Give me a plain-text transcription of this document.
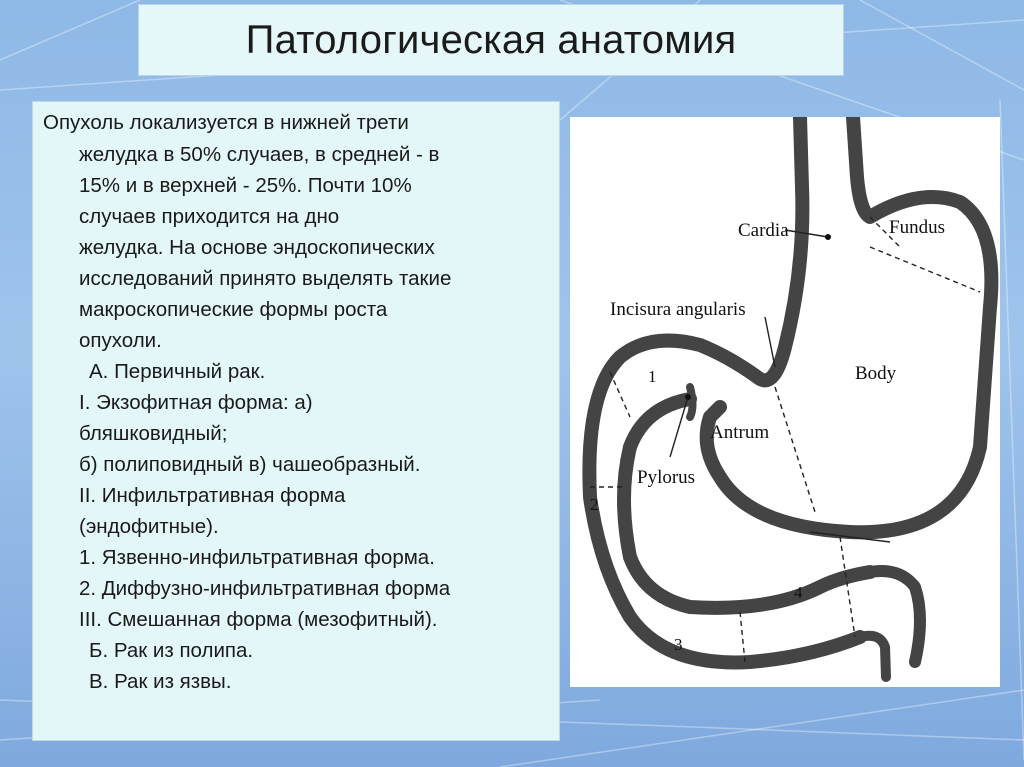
Патологическая анатомия
Опухоль локализуется в нижней трети
желудка в 50% случаев, в средней - в
15% и в верхней - 25%. Почти 10%
случаев приходится на дно
желудка. На основе эндоскопических
исследований принято выделять такие
макроскопические формы роста
опухоли.
А. Первичный рак.
I. Экзофитная форма: а)
бляшковидный;
б) полиповидный в) чашеобразный.
II. Инфильтративная форма
(эндофитные).
1. Язвенно-инфильтративная форма.
2. Диффузно-инфильтративная форма
III. Смешанная форма (мезофитный).
Б. Рак из полипа.
В. Рак из язвы.
Cardia	Fundus
Incisura angularis
Body
Antrum
Pylorus
1
2
3
4
